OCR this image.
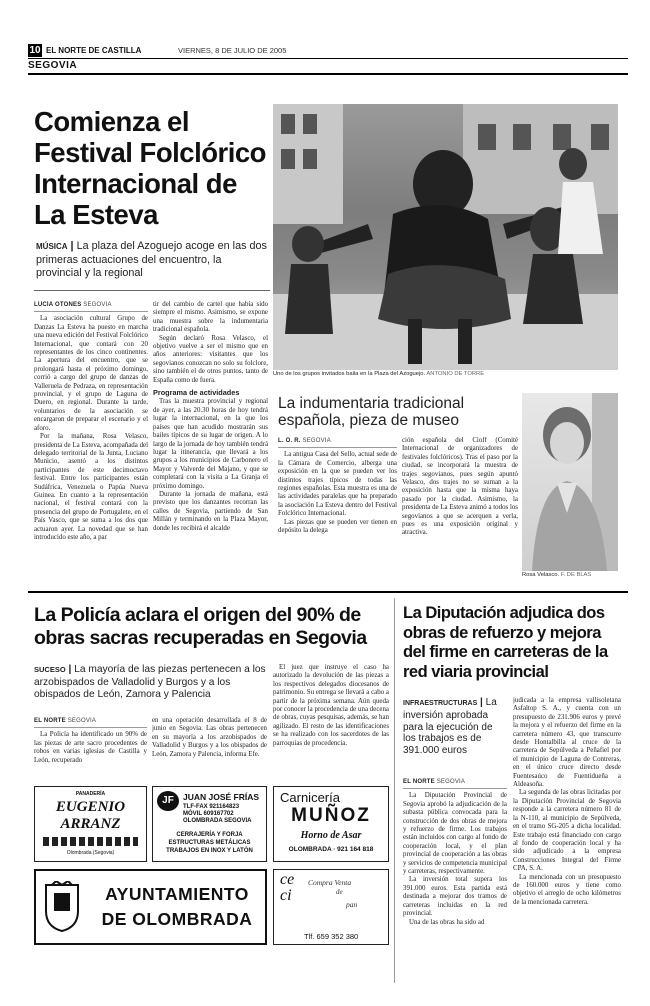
10 EL NORTE DE CASTILLA	VIERNES, 8 DE JULIO DE 2005
SEGOVIA
Comienza el Festival Folclórico Internacional de La Esteva
MÚSICA | La plaza del Azoguejo acoge en las dos primeras actuaciones del encuentro, la provincial y la regional
LUCÍA OTONES SEGOVIA

La asociación cultural Grupo de Danzas La Esteva ha puesto en marcha una nueva edición del Festival Folclórico Internacional, que contará con 20 representantes de los cinco continentes. La apertura del encuentro, que se prolongará hasta el próximo domingo, corrió a cargo del grupo de danzas de Valleruela de Pedraza, en representación provincial, y el grupo de Laguna de Duero, en regional. Durante la tarde, voluntarios de la asociación se encargaron de preparar el escenario y el aforo.

Por la mañana, Rosa Velasco, presidenta de La Esteva, acompañada del delegado territorial de la Junta, Luciano Municio, asentó a los distintos participantes de este decimoctavo festival. Entre los participantes están Sudáfrica, Venezuela o Papúa Nueva Guinea. En cuanto a la representación nacional, el festival contará con la presencia del grupo de Portugalete, en el País Vasco, que se suma a los dos que actuaron ayer. La novedad que se han introducido este año, a par

tir del cambio de cartel que había sido siempre el mismo. Asimismo, se expone una muestra sobre la indumentaria tradicional española.

Según declaró Rosa Velasco, el objetivo vuelve a ser el mismo que en años anteriores: visitantes que los segovianos conozcan no solo su folclore, sino también el de otros puntos, tanto de España como de fuera.

Programa de actividades

Tras la muestra provincial y regional de ayer, a las 20.30 horas de hoy tendrá lugar la internacional, en la que los países que han acudido mostrarán sus bailes típicos de su lugar de origen. A lo largo de la jornada de hoy también tendrá lugar la itinerancia, que llevará a los grupos a los municipios de Carbonero el Mayor y Valverde del Majano, y que se completará con la visita a La Granja el próximo domingo.

Durante la jornada de mañana, está previsto que los danzantes recorran las calles de Segovia, partiendo de San Millán y terminando en la Plaza Mayor, donde les recibirá el alcalde

Uno de los grupos invitados baila en la Plaza del Azoguejo. ANTONIO DE TORRE
La indumentaria tradicional española, pieza de museo
L. O. R. SEGOVIA

La antigua Casa del Sello, actual sede de la Cámara de Comercio, alberga una exposición en la que se pueden ver los distintos trajes típicos de todas las regiones españolas. Esta muestra es una de las actividades paralelas que ha preparado la asociación La Esteva dentro del Festival Folclórico Internacional.

Las piezas que se pueden ver tienen en depósito la delega

ción española del Cioff (Comité Internacional de organizadores de festivales folclóricos). Tras el paso por la ciudad, se incorporará la muestra de trajes segovianos, pues según apuntó Velasco, dos trajes no se suman a la exposición hasta que la misma haya pasado por la ciudad. Asimismo, la presidenta de La Esteva animó a todos los segovianos a que se acerquen a verla, pues es una exposición original y atractiva.

Rosa Velasco. F. DE BLAS
La Policía aclara el origen del 90% de obras sacras recuperadas en Segovia
SUCESO | La mayoría de las piezas pertenecen a los arzobispados de Valladolid y Burgos y a los obispados de León, Zamora y Palencia
EL NORTE SEGOVIA

La Policía ha identificado un 90% de las piezas de arte sacro procedentes de robos en varias iglesias de Castilla y León, recuperado

en una operación desarrollada el 8 de junio en Segovia. Las obras pertenecen en su mayoría a los arzobispados de Valladolid y Burgos y a los obispados de León, Zamora y Palencia, informa Efe.

El juez que instruye el caso ha autorizado la devolución de las piezas a los respectivos delegados diocesanos de patrimonio. Su entrega se llevará a cabo a partir de la próxima semana. Aún queda por conocer la procedencia de una decena de obras, cuyas pesquisas, además, se han agilizado. El resto de las identificaciones se ha realizado con los sacerdotes de las parroquias de procedencia.

PANADERÍA
EUGENIO
ARRANZ
Olombrada (Segovia)
JF	JUAN JOSÉ FRÍAS
TLF-FAX 921164823
MÓVIL 609167702
OLOMBRADA SEGOVIA
CERRAJERÍA Y FORJA
ESTRUCTURAS METÁLICAS
TRABAJOS EN INOX Y LATÓN
Carnicería
MUÑOZ
Horno de Asar
OLOMBRADA · 921 164 818
AYUNTAMIENTO
DE OLOMBRADA
ceci
Compra Venta
de
pan
Tlf. 659 352 380
La Diputación adjudica dos obras de refuerzo y mejora del firme en carreteras de la red viaria provincial
INFRAESTRUCTURAS | La inversión aprobada para la ejecución de los trabajos es de 391.000 euros
EL NORTE SEGOVIA

La Diputación Provincial de Segovia aprobó la adjudicación de la subasta pública convocada para la construcción de dos obras de mejora y refuerzo de firme. Los trabajos están incluidos con cargo al fondo de cooperación local, y el plan provincial de cooperación a las obras y servicios de competencia municipal y carreteras, respectivamente.

La inversión total supera los 391.000 euros. Esta partida está destinada a mejorar dos tramos de carreteras incluidas en la red provincial.

Una de las obras ha sido ad

judicada a la empresa vallisoletana Asfaltop S. A., y cuenta con un presupuesto de 231.906 euros y prevé la mejora y el refuerzo del firme en la carretera número 43, que transcurre desde Hontalbilla al cruce de la carretera de Sepúlveda a Peñafiel por el municipio de Laguna de Contreras, en el único cruce directo desde Fuentesaúco de Fuentidueña a Aldeasoña.

La segunda de las obras licitadas por la Diputación Provincial de Segovia responde a la carretera número 81 de la N-110, al municipio de Sepúlveda, en el tramo SG-205 a dicha localidad. Este trabajo está financiado con cargo al fondo de cooperación local y ha sido adjudicado a la empresa Construcciones Integral del Firme CPA, S. A.

La mencionada con un presupuesto de 160.000 euros y tiene como objetivo el arreglo de ocho kilómetros de la mencionada carretera.
